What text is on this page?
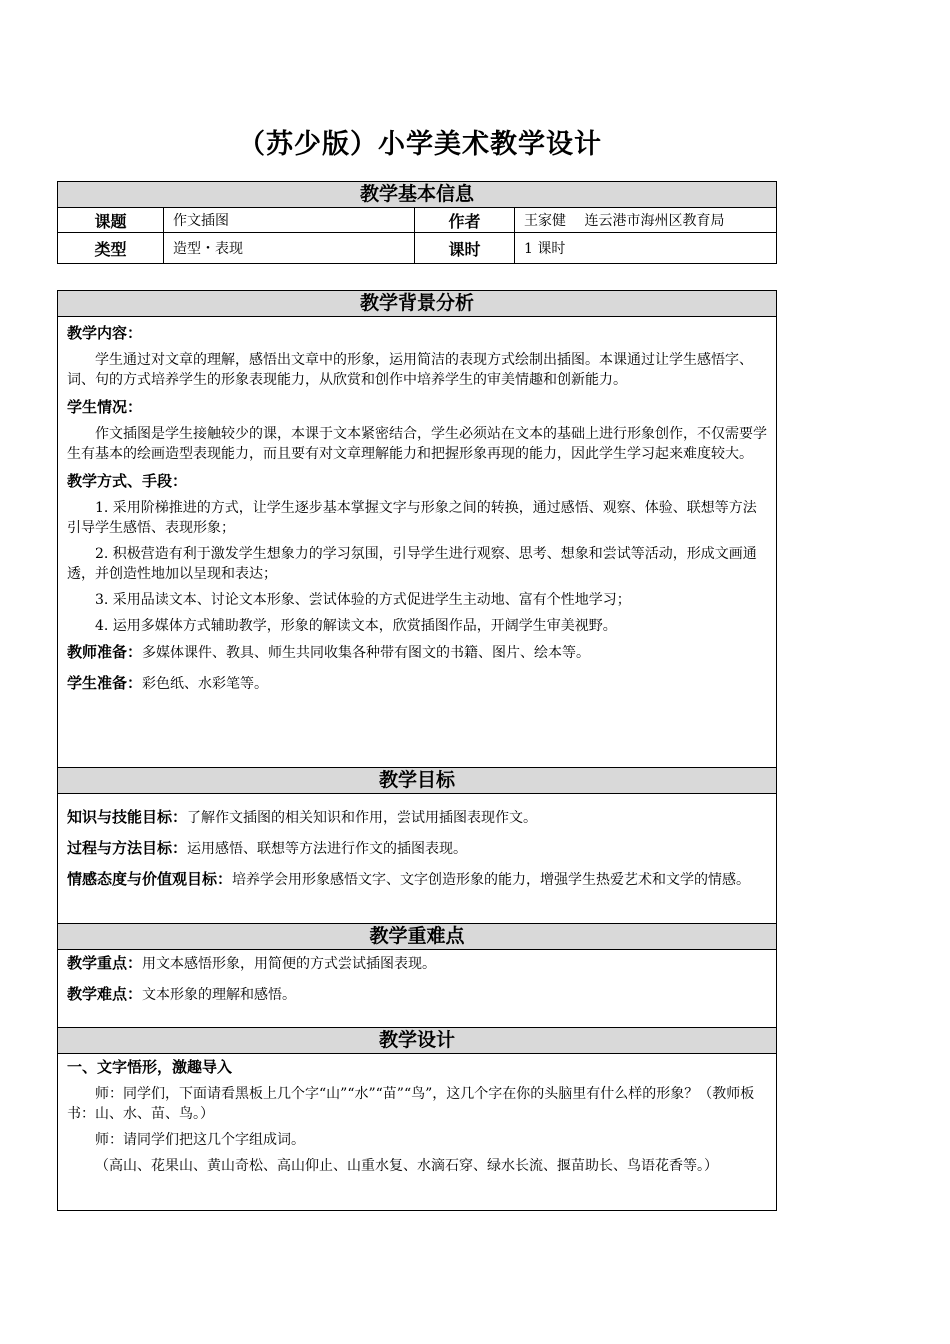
（苏少版）小学美术教学设计
教学基本信息			
课题	作文插图	作者	王家健　 连云港市海州区教育局
类型	造型・表现	课时	1 课时
教学背景分析

教学内容：

学生通过对文章的理解，感悟出文章中的形象，运用简洁的表现方式绘制出插图。本课通过让学生感悟字、词、句的方式培养学生的形象表现能力，从欣赏和创作中培养学生的审美情趣和创新能力。

学生情况：

作文插图是学生接触较少的课，本课于文本紧密结合，学生必须站在文本的基础上进行形象创作，不仅需要学生有基本的绘画造型表现能力，而且要有对文章理解能力和把握形象再现的能力，因此学生学习起来难度较大。

教学方式、手段：

1. 采用阶梯推进的方式，让学生逐步基本掌握文字与形象之间的转换，通过感悟、观察、体验、联想等方法引导学生感悟、表现形象；

2. 积极营造有利于激发学生想象力的学习氛围，引导学生进行观察、思考、想象和尝试等活动，形成文画通透，并创造性地加以呈现和表达；

3. 采用品读文本、讨论文本形象、尝试体验的方式促进学生主动地、富有个性地学习；

4. 运用多媒体方式辅助教学，形象的解读文本，欣赏插图作品，开阔学生审美视野。

教师准备：多媒体课件、教具、师生共同收集各种带有图文的书籍、图片、绘本等。

学生准备：彩色纸、水彩笔等。

教学目标

知识与技能目标：了解作文插图的相关知识和作用，尝试用插图表现作文。

过程与方法目标：运用感悟、联想等方法进行作文的插图表现。

情感态度与价值观目标：培养学会用形象感悟文字、文字创造形象的能力，增强学生热爱艺术和文学的情感。

教学重难点

教学重点：用文本感悟形象，用简便的方式尝试插图表现。

教学难点：文本形象的理解和感悟。

教学设计

一、文字悟形，激趣导入

师：同学们，下面请看黑板上几个字“山”“水”“苗”“鸟”，这几个字在你的头脑里有什么样的形象？（教师板书：山、水、苗、鸟。）

师：请同学们把这几个字组成词。

（高山、花果山、黄山奇松、高山仰止、山重水复、水滴石穿、绿水长流、揠苗助长、鸟语花香等。）
